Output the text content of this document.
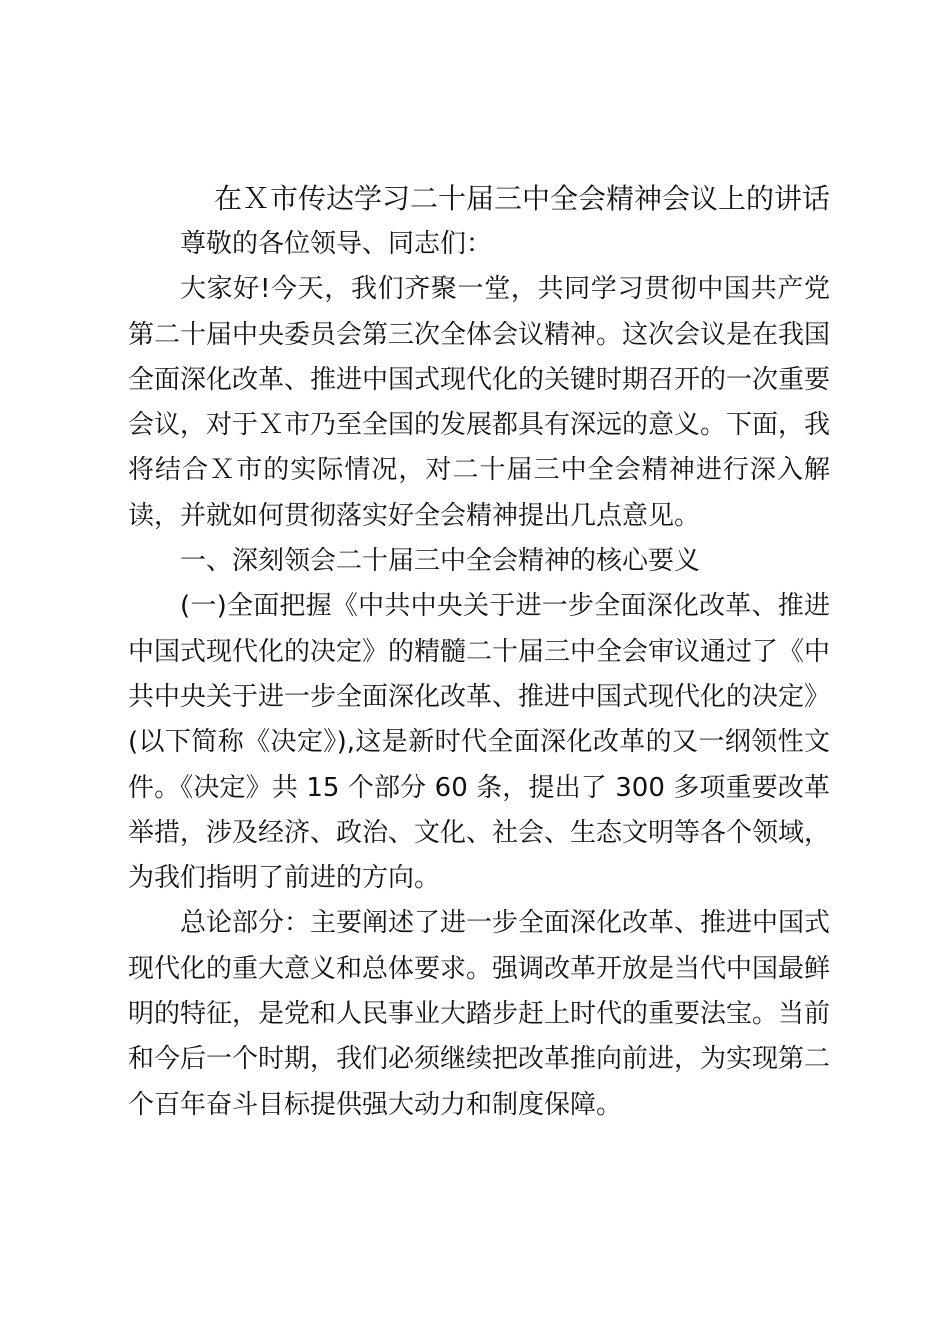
在Ｘ市传达学习二十届三中全会精神会议上的讲话

尊敬的各位领导、同志们：

大家好!今天，我们齐聚一堂，共同学习贯彻中国共产党第二十届中央委员会第三次全体会议精神。这次会议是在我国全面深化改革、推进中国式现代化的关键时期召开的一次重要会议，对于Ｘ市乃至全国的发展都具有深远的意义。下面，我将结合Ｘ市的实际情况，对二十届三中全会精神进行深入解读，并就如何贯彻落实好全会精神提出几点意见。

一、深刻领会二十届三中全会精神的核心要义

(一)全面把握《中共中央关于进一步全面深化改革、推进中国式现代化的决定》的精髓二十届三中全会审议通过了《中共中央关于进一步全面深化改革、推进中国式现代化的决定》(以下简称《决定》),这是新时代全面深化改革的又一纲领性文件。《决定》共 15 个部分 60 条，提出了 300 多项重要改革举措，涉及经济、政治、文化、社会、生态文明等各个领域，为我们指明了前进的方向。

总论部分：主要阐述了进一步全面深化改革、推进中国式现代化的重大意义和总体要求。强调改革开放是当代中国最鲜明的特征，是党和人民事业大踏步赶上时代的重要法宝。当前和今后一个时期，我们必须继续把改革推向前进，为实现第二个百年奋斗目标提供强大动力和制度保障。
